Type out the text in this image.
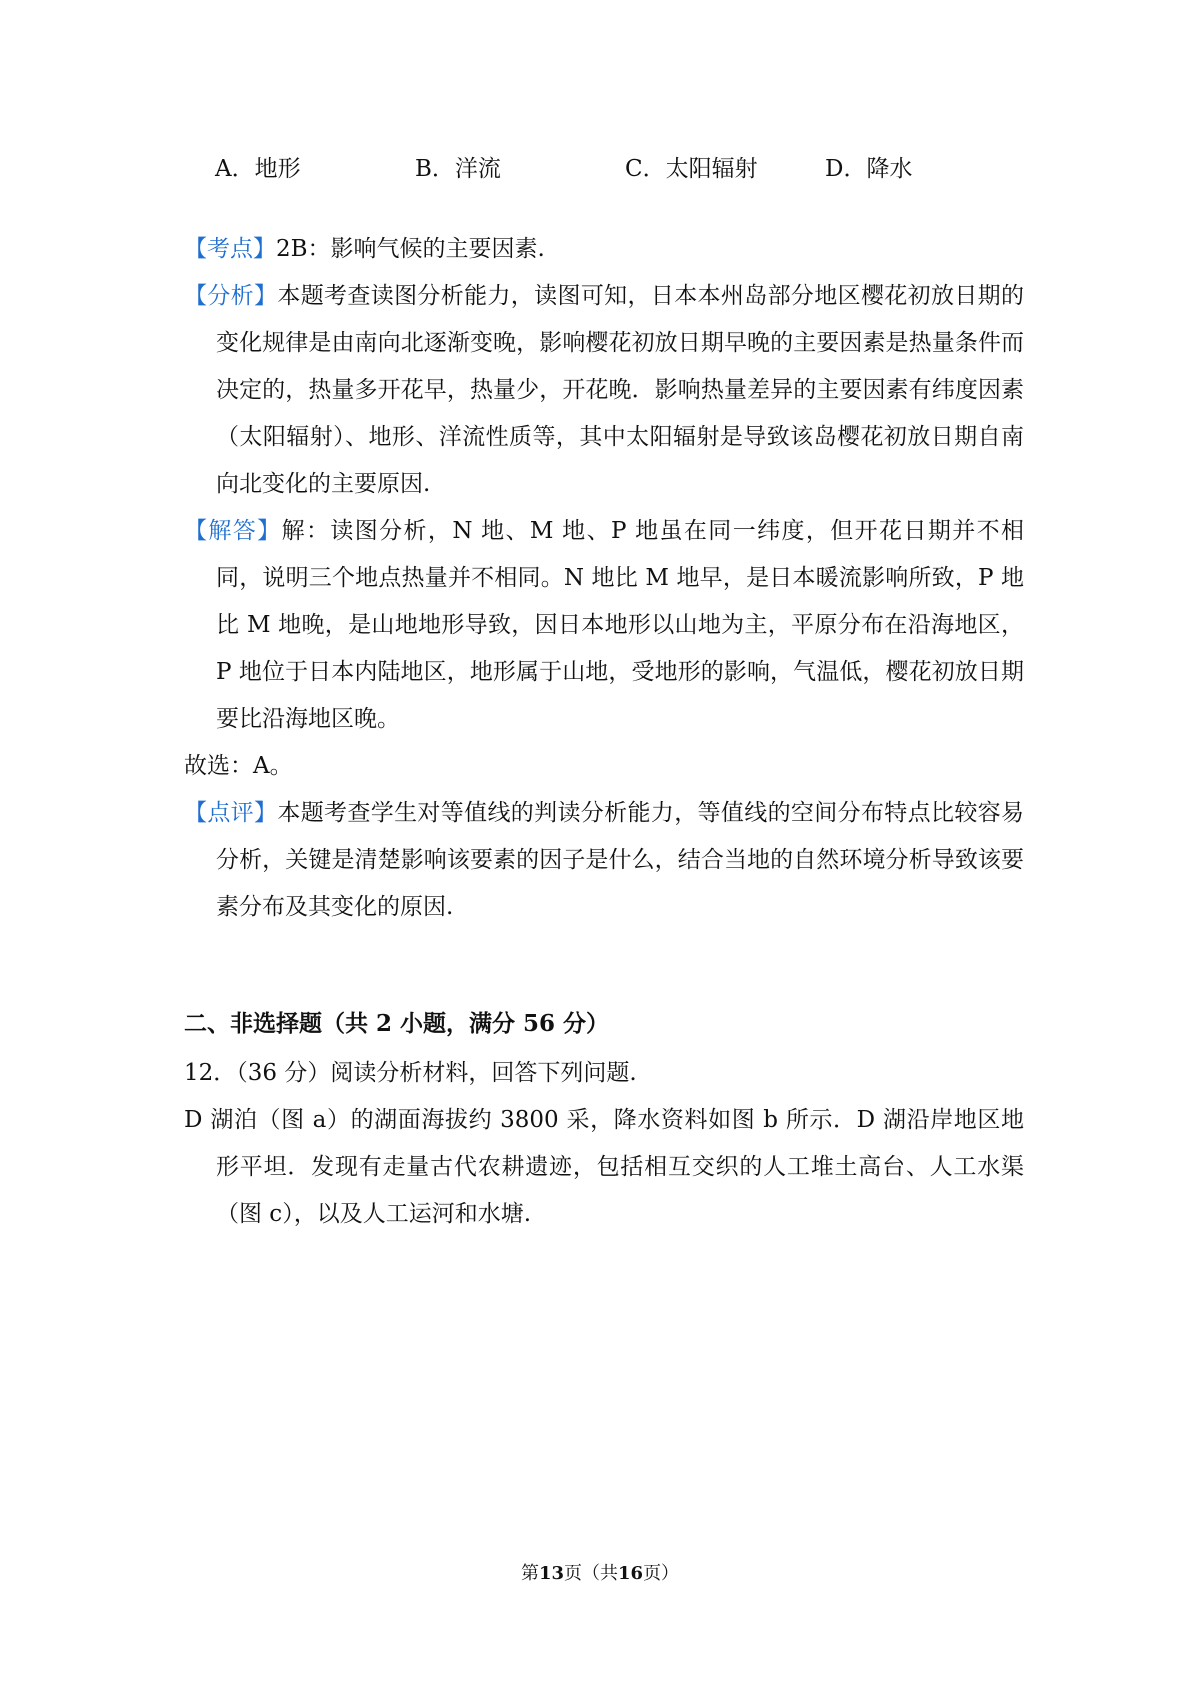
A．地形	B．洋流	C．太阳辐射	D．降水

【考点】2B：影响气候的主要因素.

【分析】本题考查读图分析能力，读图可知，日本本州岛部分地区樱花初放日期的变化规律是由南向北逐渐变晚，影响樱花初放日期早晚的主要因素是热量条件而决定的，热量多开花早，热量少，开花晚．影响热量差异的主要因素有纬度因素（太阳辐射）、地形、洋流性质等，其中太阳辐射是导致该岛樱花初放日期自南向北变化的主要原因.

【解答】解：读图分析，N 地、M 地、P 地虽在同一纬度，但开花日期并不相同，说明三个地点热量并不相同。N 地比 M 地早，是日本暖流影响所致，P 地比 M 地晚，是山地地形导致，因日本地形以山地为主，平原分布在沿海地区，P 地位于日本内陆地区，地形属于山地，受地形的影响，气温低，樱花初放日期要比沿海地区晚。

故选：A。

【点评】本题考查学生对等值线的判读分析能力，等值线的空间分布特点比较容易分析，关键是清楚影响该要素的因子是什么，结合当地的自然环境分析导致该要素分布及其变化的原因.

二、非选择题（共 2 小题，满分 56 分）

12．（36 分）阅读分析材料，回答下列问题.

D 湖泊（图 a）的湖面海拔约 3800 采，降水资料如图 b 所示．D 湖沿岸地区地形平坦．发现有走量古代农耕遗迹，包括相互交织的人工堆土高台、人工水渠（图 c），以及人工运河和水塘.

第13页（共16页）
